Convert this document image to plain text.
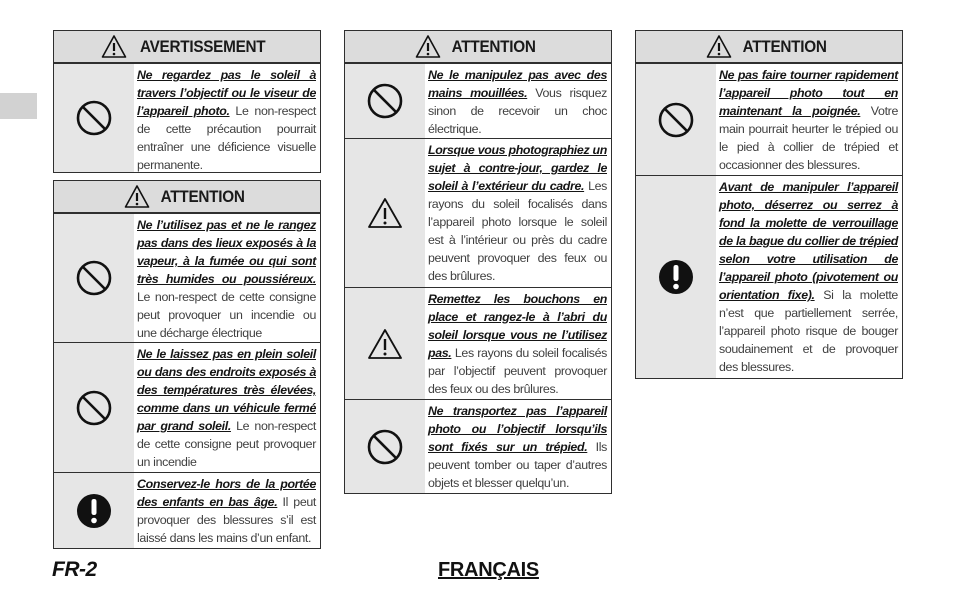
AVERTISSEMENT
Ne regardez pas le soleil à travers l’objectif ou le viseur de l’appareil photo. Le non-respect de cette précaution pourrait entraîner une déficience visuelle permanente.
ATTENTION
Ne l’utilisez pas et ne le rangez pas dans des lieux exposés à la vapeur, à la fumée ou qui sont très humides ou poussiéreux. Le non-respect de cette consigne peut provoquer un incendie ou une décharge électrique
Ne le laissez pas en plein soleil ou dans des endroits exposés à des températures très élevées, comme dans un véhicule fermé par grand soleil. Le non-respect de cette consigne peut provoquer un incendie
Conservez-le hors de la portée des enfants en bas âge. Il peut provoquer des blessures s’il est laissé dans les mains d’un enfant.
ATTENTION
Ne le manipulez pas avec des mains mouillées. Vous risquez sinon de recevoir un choc électrique.
Lorsque vous photographiez un sujet à contre-jour, gardez le soleil à l’extérieur du cadre. Les rayons du soleil focalisés dans l’appareil photo lorsque le soleil est à l’intérieur ou près du cadre peuvent provoquer des feux ou des brûlures.
Remettez les bouchons en place et rangez-le à l’abri du soleil lorsque vous ne l’utilisez pas. Les rayons du soleil focalisés par l’objectif peuvent provoquer des feux ou des brûlures.
Ne transportez pas l’appareil photo ou l’objectif lorsqu’ils sont fixés sur un trépied. Ils peuvent tomber ou taper d’autres objets et blesser quelqu’un.
ATTENTION
Ne pas faire tourner rapidement l’appareil photo tout en maintenant la poignée. Votre main pourrait heurter le trépied ou le pied à collier de trépied et occasionner des blessures.
Avant de manipuler l’appareil photo, déserrez ou serrez à fond la molette de verrouillage de la bague du collier de trépied selon votre utilisation de l’appareil photo (pivotement ou orientation fixe). Si la molette n’est que partiellement serrée, l’appareil photo risque de bouger soudainement et de provoquer des blessures.
FR-2	FRANÇAIS
